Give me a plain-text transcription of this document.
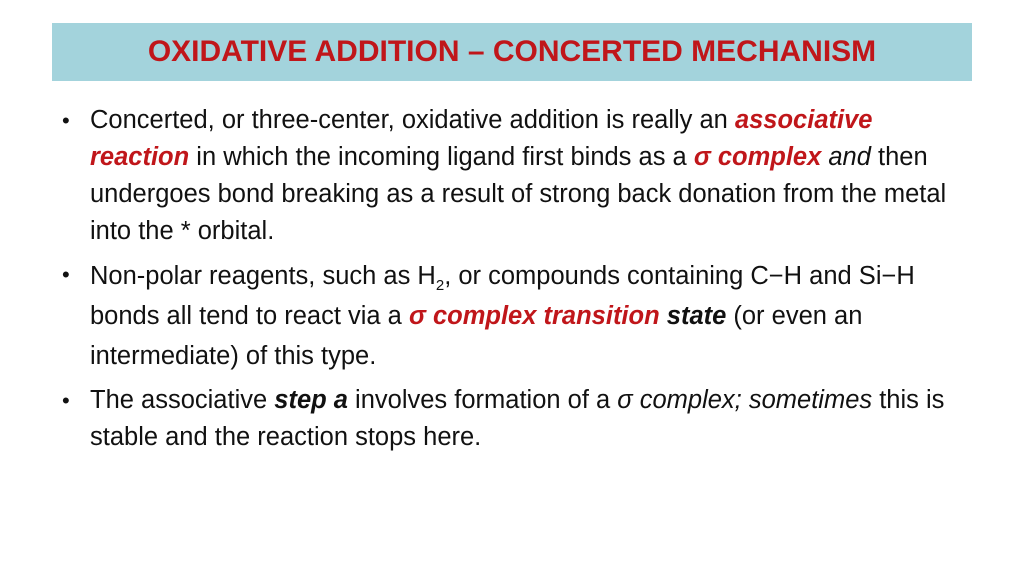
OXIDATIVE ADDITION – CONCERTED MECHANISM
• Concerted, or three-center, oxidative addition is really an associative reaction in which the incoming ligand first binds as a σ complex and then undergoes bond breaking as a result of strong back donation from the metal into the * orbital.
• Non-polar reagents, such as $H_2$, or compounds containing C−H and Si−H bonds all tend to react via a σ complex transition state (or even an intermediate) of this type.
• The associative step a involves formation of a σ complex; sometimes this is stable and the reaction stops here.
